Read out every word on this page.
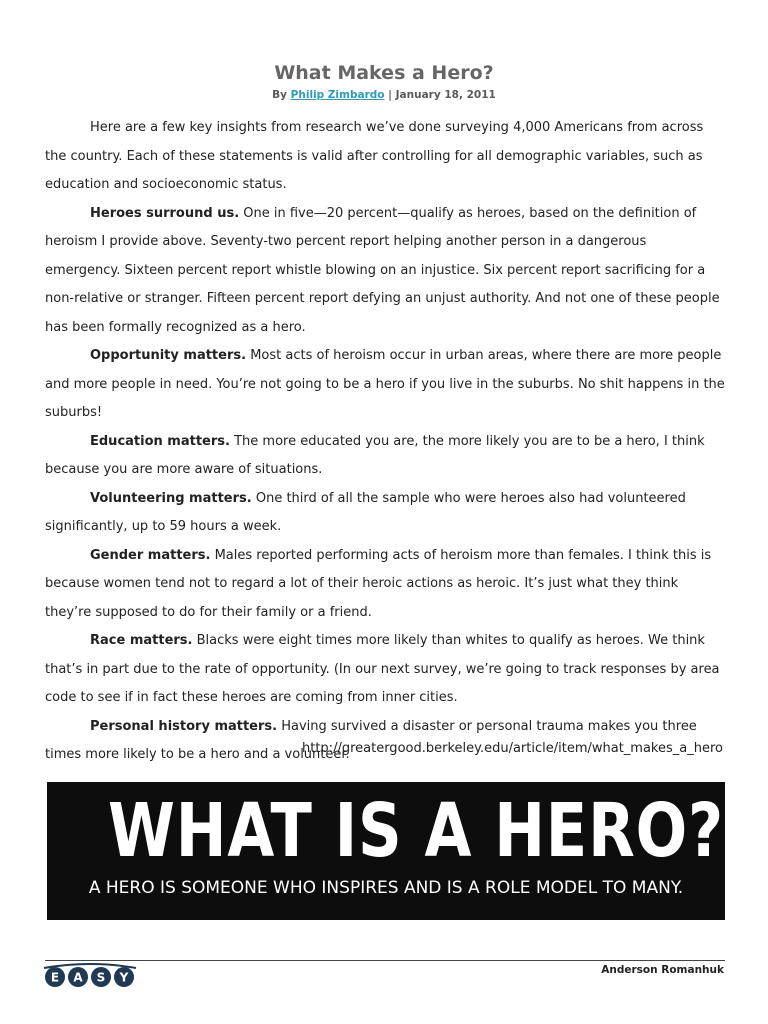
What Makes a Hero?
By Philip Zimbardo | January 18, 2011

Here are a few key insights from research we’ve done surveying 4,000 Americans from across the country. Each of these statements is valid after controlling for all demographic variables, such as education and socioeconomic status.

Heroes surround us. One in five—20 percent—qualify as heroes, based on the definition of heroism I provide above. Seventy-two percent report helping another person in a dangerous emergency. Sixteen percent report whistle blowing on an injustice. Six percent report sacrificing for a non-relative or stranger. Fifteen percent report defying an unjust authority. And not one of these people has been formally recognized as a hero.

Opportunity matters. Most acts of heroism occur in urban areas, where there are more people and more people in need. You’re not going to be a hero if you live in the suburbs. No shit happens in the suburbs!

Education matters. The more educated you are, the more likely you are to be a hero, I think because you are more aware of situations.

Volunteering matters. One third of all the sample who were heroes also had volunteered significantly, up to 59 hours a week.

Gender matters. Males reported performing acts of heroism more than females. I think this is because women tend not to regard a lot of their heroic actions as heroic. It’s just what they think they’re supposed to do for their family or a friend.

Race matters. Blacks were eight times more likely than whites to qualify as heroes. We think that’s in part due to the rate of opportunity. (In our next survey, we’re going to track responses by area code to see if in fact these heroes are coming from inner cities.

Personal history matters. Having survived a disaster or personal trauma makes you three times more likely to be a hero and a volunteer.

http://greatergood.berkeley.edu/article/item/what_makes_a_hero
WHAT IS A HERO?
A HERO IS SOMEONE WHO INSPIRES AND IS A ROLE MODEL TO MANY.
E A S Y
Anderson Romanhuk
